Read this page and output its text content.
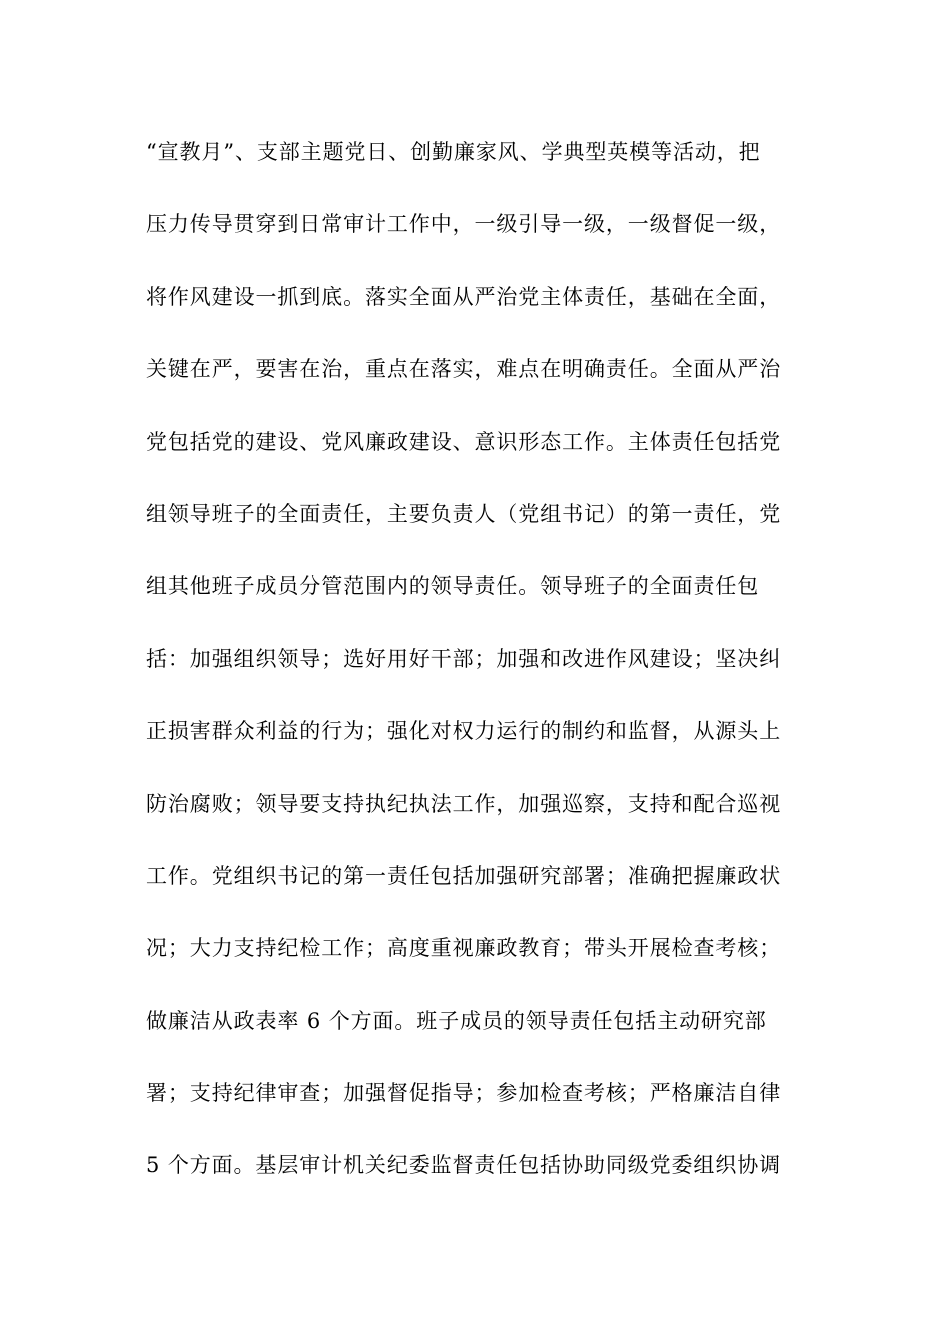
“宣教月”、支部主题党日、创勤廉家风、学典型英模等活动，把
压力传导贯穿到日常审计工作中，一级引导一级，一级督促一级，
将作风建设一抓到底。落实全面从严治党主体责任，基础在全面，
关键在严，要害在治，重点在落实，难点在明确责任。全面从严治
党包括党的建设、党风廉政建设、意识形态工作。主体责任包括党
组领导班子的全面责任，主要负责人（党组书记）的第一责任，党
组其他班子成员分管范围内的领导责任。领导班子的全面责任包
括：加强组织领导；选好用好干部；加强和改进作风建设；坚决纠
正损害群众利益的行为；强化对权力运行的制约和监督，从源头上
防治腐败；领导要支持执纪执法工作，加强巡察，支持和配合巡视
工作。党组织书记的第一责任包括加强研究部署；准确把握廉政状
况；大力支持纪检工作；高度重视廉政教育；带头开展检查考核；
做廉洁从政表率 6 个方面。班子成员的领导责任包括主动研究部
署；支持纪律审查；加强督促指导；参加检查考核；严格廉洁自律
5 个方面。基层审计机关纪委监督责任包括协助同级党委组织协调
